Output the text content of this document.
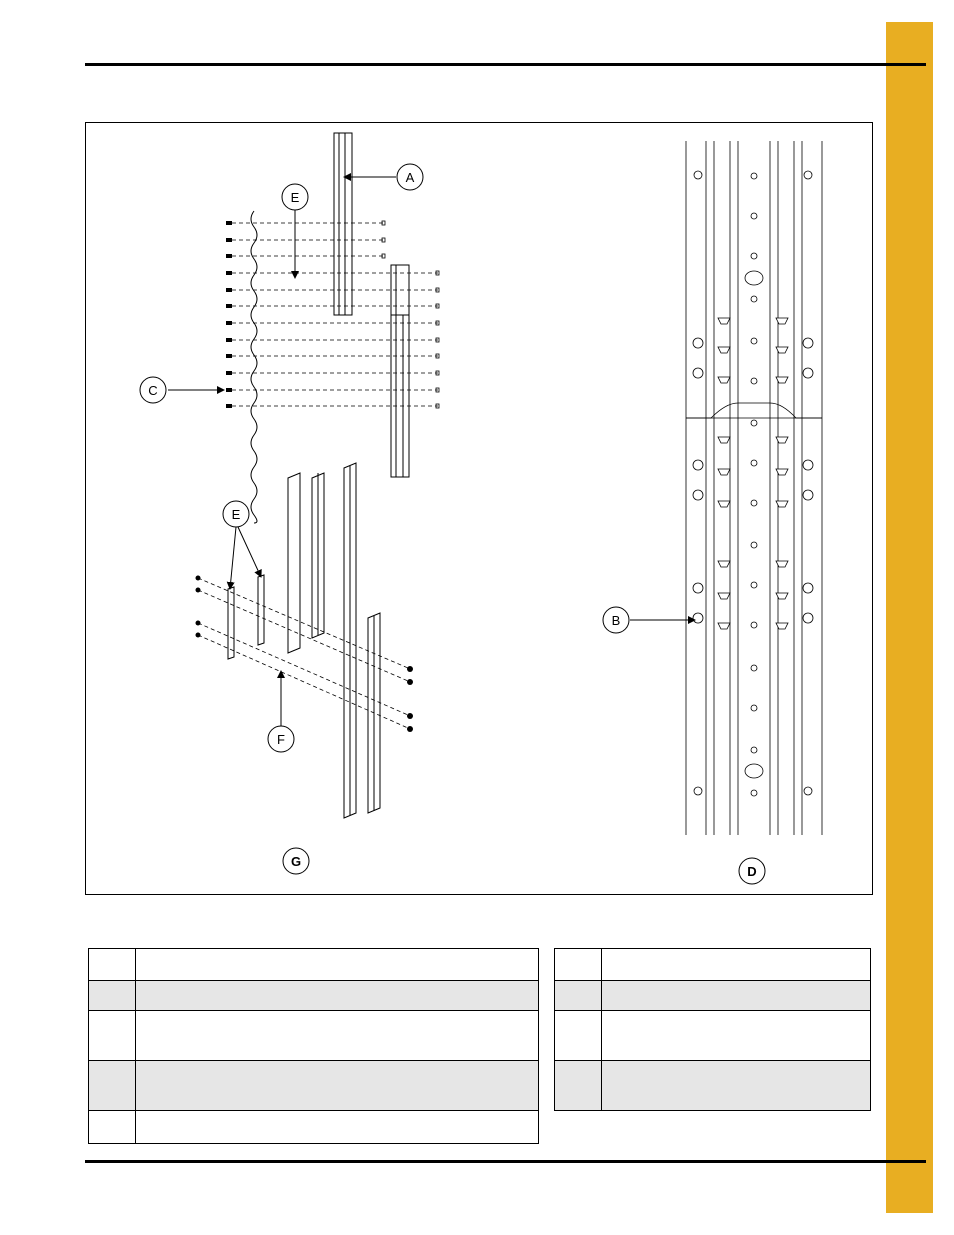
A
E
C
E
F
B
G
D
